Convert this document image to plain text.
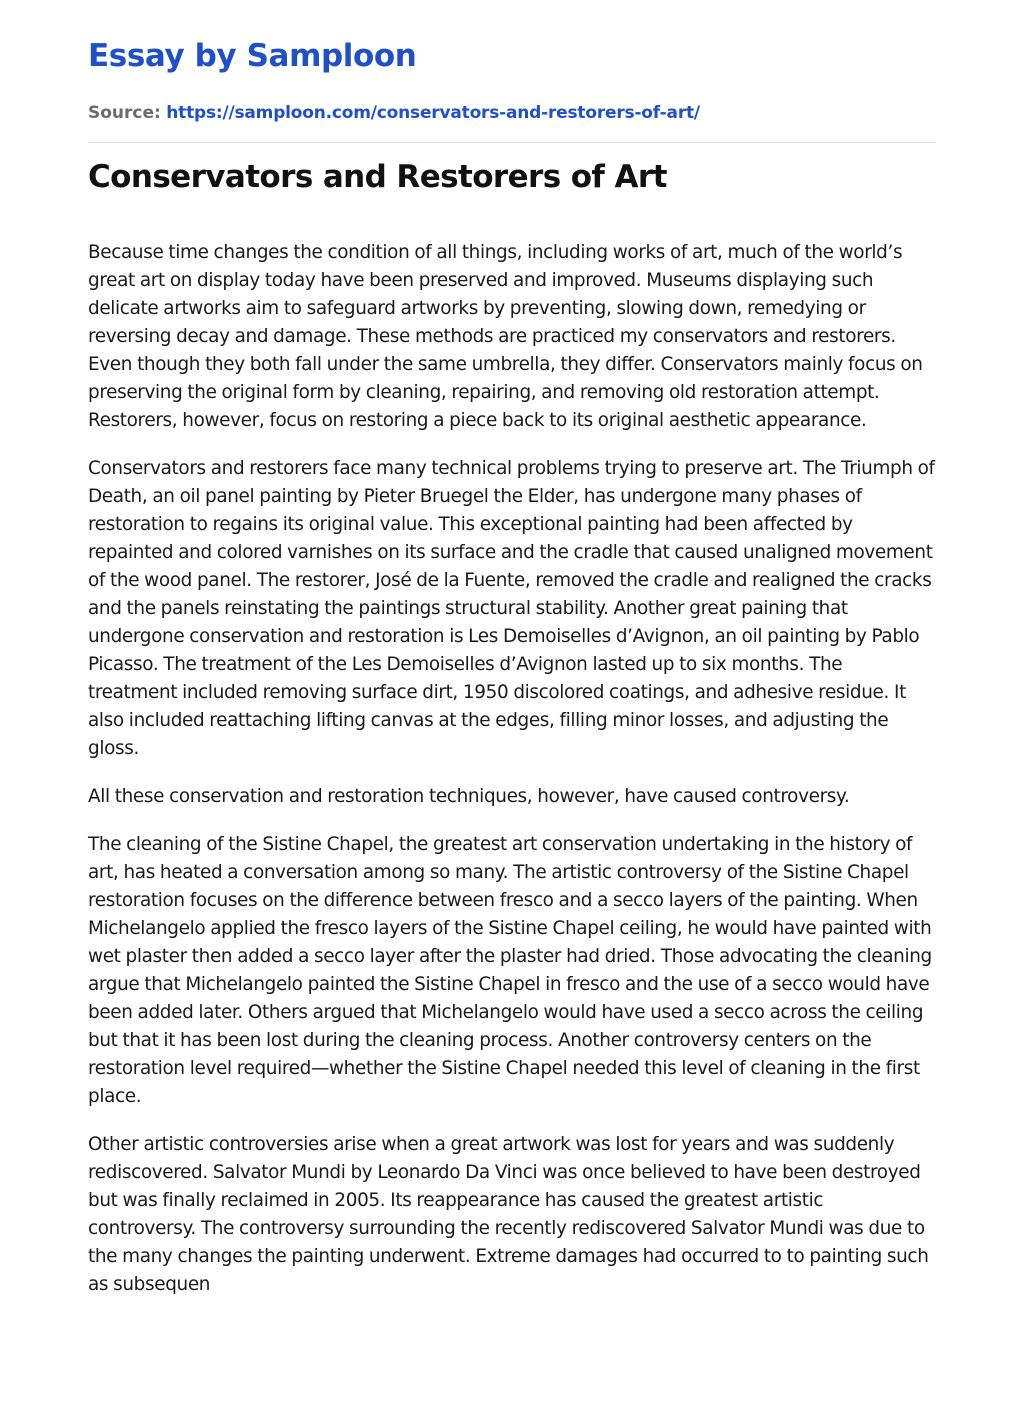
Essay by Samploon
Source: https://samploon.com/conservators-and-restorers-of-art/
Conservators and Restorers of Art

Because time changes the condition of all things, including works of art, much of the world’s great art on display today have been preserved and improved. Museums displaying such delicate artworks aim to safeguard artworks by preventing, slowing down, remedying or reversing decay and damage. These methods are practiced my conservators and restorers. Even though they both fall under the same umbrella, they differ. Conservators mainly focus on preserving the original form by cleaning, repairing, and removing old restoration attempt. Restorers, however, focus on restoring a piece back to its original aesthetic appearance.

Conservators and restorers face many technical problems trying to preserve art. The Triumph of Death, an oil panel painting by Pieter Bruegel the Elder, has undergone many phases of restoration to regains its original value. This exceptional painting had been affected by repainted and colored varnishes on its surface and the cradle that caused unaligned movement of the wood panel. The restorer, José de la Fuente, removed the cradle and realigned the cracks and the panels reinstating the paintings structural stability. Another great paining that undergone conservation and restoration is Les Demoiselles d’Avignon, an oil painting by Pablo Picasso. The treatment of the Les Demoiselles d’Avignon lasted up to six months. The treatment included removing surface dirt, 1950 discolored coatings, and adhesive residue. It also included reattaching lifting canvas at the edges, filling minor losses, and adjusting the gloss.

All these conservation and restoration techniques, however, have caused controversy.

The cleaning of the Sistine Chapel, the greatest art conservation undertaking in the history of art, has heated a conversation among so many. The artistic controversy of the Sistine Chapel restoration focuses on the difference between fresco and a secco layers of the painting. When Michelangelo applied the fresco layers of the Sistine Chapel ceiling, he would have painted with wet plaster then added a secco layer after the plaster had dried. Those advocating the cleaning argue that Michelangelo painted the Sistine Chapel in fresco and the use of a secco would have been added later. Others argued that Michelangelo would have used a secco across the ceiling but that it has been lost during the cleaning process. Another controversy centers on the restoration level required—whether the Sistine Chapel needed this level of cleaning in the first place.

Other artistic controversies arise when a great artwork was lost for years and was suddenly rediscovered. Salvator Mundi by Leonardo Da Vinci was once believed to have been destroyed but was finally reclaimed in 2005. Its reappearance has caused the greatest artistic controversy. The controversy surrounding the recently rediscovered Salvator Mundi was due to the many changes the painting underwent. Extreme damages had occurred to to painting such as subsequen
